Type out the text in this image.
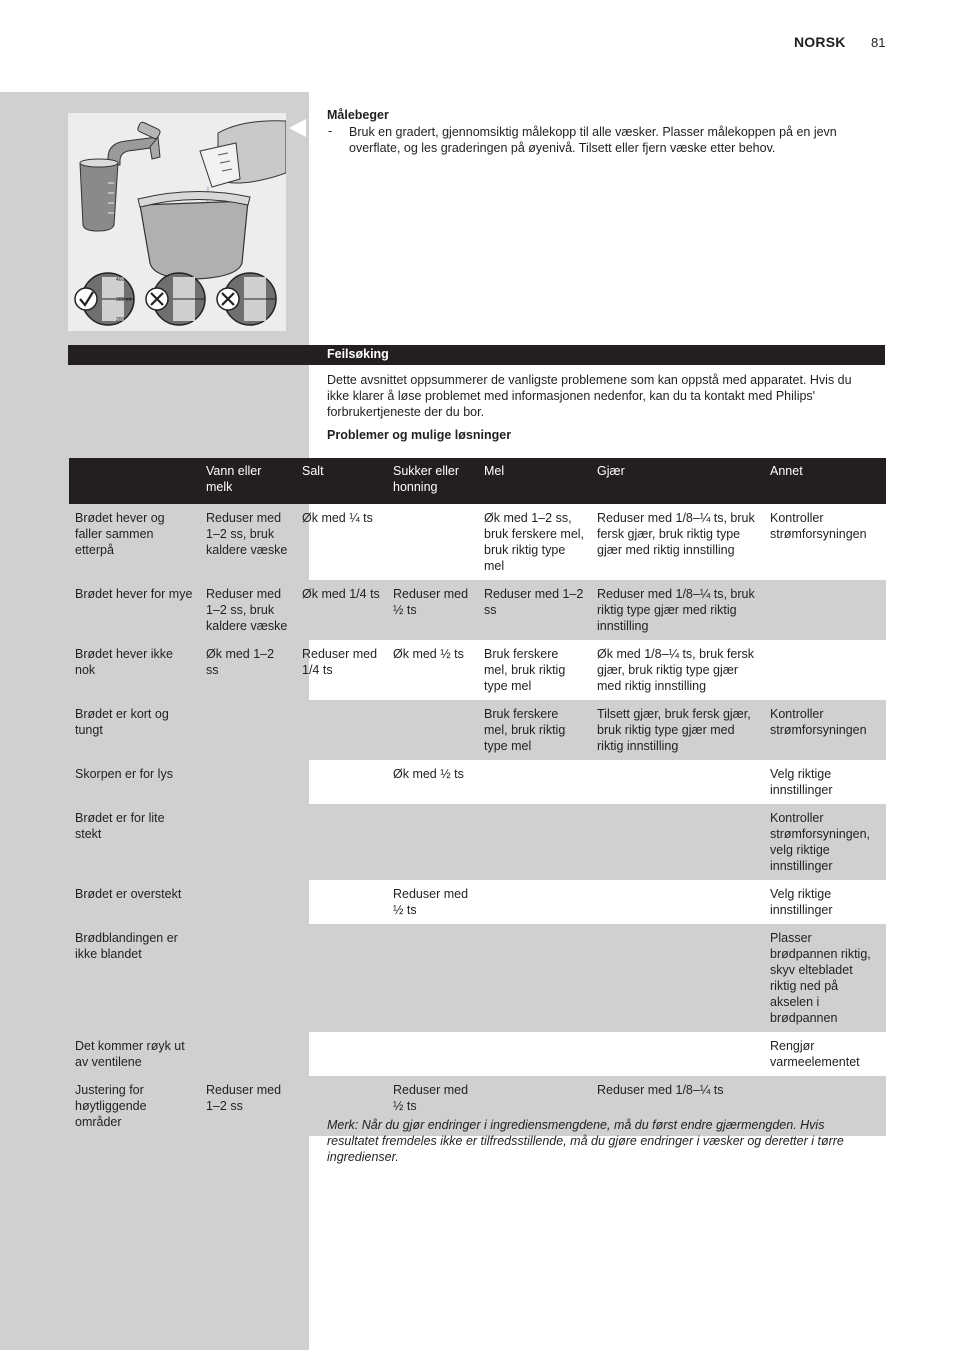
NORSK 81
400
300 ml
200
Målebeger
- Bruk en gradert, gjennomsiktig målekopp til alle væsker. Plasser målekoppen på en jevn overflate, og les graderingen på øyenivå. Tilsett eller fjern væske etter behov.
Feilsøking
Dette avsnittet oppsummerer de vanligste problemene som kan oppstå med apparatet. Hvis du ikke klarer å løse problemet med informasjonen nedenfor, kan du ta kontakt med Philips' forbrukertjeneste der du bor.
Problemer og mulige løsninger
	Vann eller melk	Salt	Sukker eller honning	Mel	Gjær	Annet
Brødet hever og faller sammen etterpå	Reduser med 1–2 ss, bruk kaldere væske	Øk med ¼ ts		Øk med 1–2 ss, bruk ferskere mel, bruk riktig type mel	Reduser med 1/8–¼ ts, bruk fersk gjær, bruk riktig type gjær med riktig innstilling	Kontroller strømforsyningen
Brødet hever for mye	Reduser med 1–2 ss, bruk kaldere væske	Øk med 1/4 ts	Reduser med ½ ts	Reduser med 1–2 ss	Reduser med 1/8–¼ ts, bruk riktig type gjær med riktig innstilling	
Brødet hever ikke nok	Øk med 1–2 ss	Reduser med 1/4 ts	Øk med ½ ts	Bruk ferskere mel, bruk riktig type mel	Øk med 1/8–¼ ts, bruk fersk gjær, bruk riktig type gjær med riktig innstilling	
Brødet er kort og tungt				Bruk ferskere mel, bruk riktig type mel	Tilsett gjær, bruk fersk gjær, bruk riktig type gjær med riktig innstilling	Kontroller strømforsyningen
Skorpen er for lys			Øk med ½ ts			Velg riktige innstillinger
Brødet er for lite stekt						Kontroller strømforsyningen, velg riktige innstillinger
Brødet er overstekt			Reduser med ½ ts			Velg riktige innstillinger
Brødblandingen er ikke blandet						Plasser brødpannen riktig, skyv eltebladet riktig ned på akselen i brødpannen
Det kommer røyk ut av ventilene						Rengjør varmeelementet
Justering for høytliggende områder	Reduser med 1–2 ss		Reduser med ½ ts		Reduser med 1/8–¼ ts	
Merk: Når du gjør endringer i ingrediensmengdene, må du først endre gjærmengden. Hvis resultatet fremdeles ikke er tilfredsstillende, må du gjøre endringer i væsker og deretter i tørre ingredienser.
